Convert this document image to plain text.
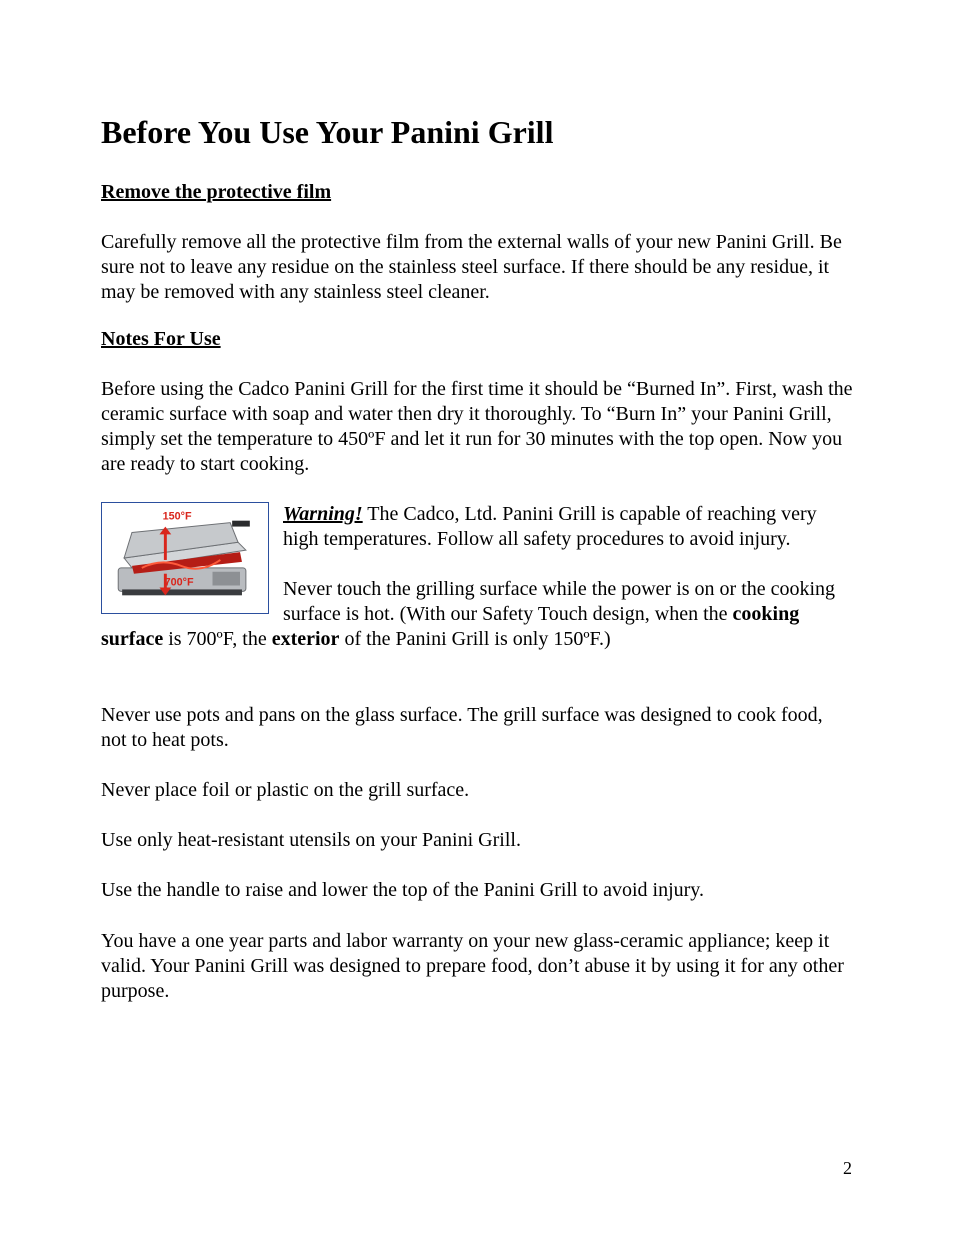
Before You Use Your Panini Grill
Remove the protective film

Carefully remove all the protective film from the external walls of your new Panini Grill. Be sure not to leave any residue on the stainless steel surface. If there should be any residue, it may be removed with any stainless steel cleaner.

Notes For Use

Before using the Cadco Panini Grill for the first time it should be “Burned In”. First, wash the ceramic surface with soap and water then dry it thoroughly. To “Burn In” your Panini Grill, simply set the temperature to 450ºF and let it run for 30 minutes with the top open. Now you are ready to start cooking.

150°F
700°F

Warning! The Cadco, Ltd. Panini Grill is capable of reaching very high temperatures. Follow all safety procedures to avoid injury.

Never touch the grilling surface while the power is on or the cooking surface is hot. (With our Safety Touch design, when the cooking surface is 700ºF, the exterior of the Panini Grill is only 150ºF.)

Never use pots and pans on the glass surface. The grill surface was designed to cook food, not to heat pots.

Never place foil or plastic on the grill surface.

Use only heat-resistant utensils on your Panini Grill.

Use the handle to raise and lower the top of the Panini Grill to avoid injury.

You have a one year parts and labor warranty on your new glass-ceramic appliance; keep it valid. Your Panini Grill was designed to prepare food, don’t abuse it by using it for any other purpose.

2
